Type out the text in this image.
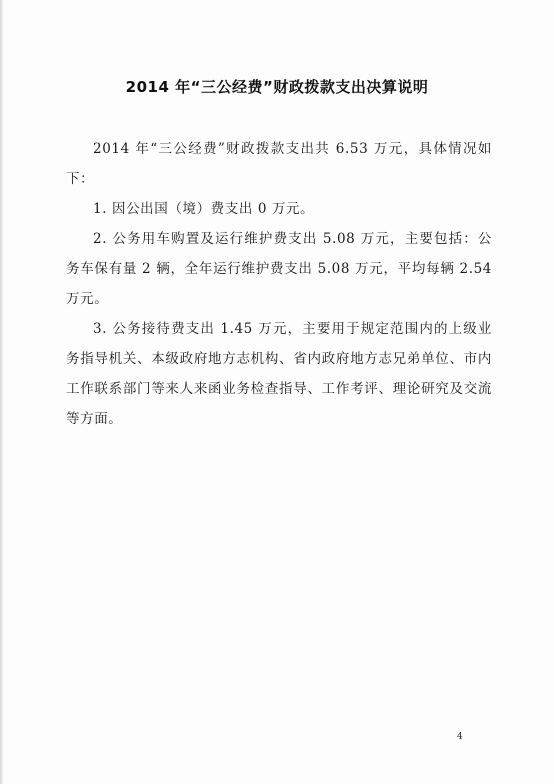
2014 年“三公经费”财政拨款支出决算说明

2014 年“三公经费”财政拨款支出共 6.53 万元，具体情况如下：

1. 因公出国（境）费支出 0 万元。

2. 公务用车购置及运行维护费支出 5.08 万元，主要包括：公务车保有量 2 辆，全年运行维护费支出 5.08 万元，平均每辆 2.54 万元。

3. 公务接待费支出 1.45 万元，主要用于规定范围内的上级业务指导机关、本级政府地方志机构、省内政府地方志兄弟单位、市内工作联系部门等来人来函业务检查指导、工作考评、理论研究及交流等方面。

4
